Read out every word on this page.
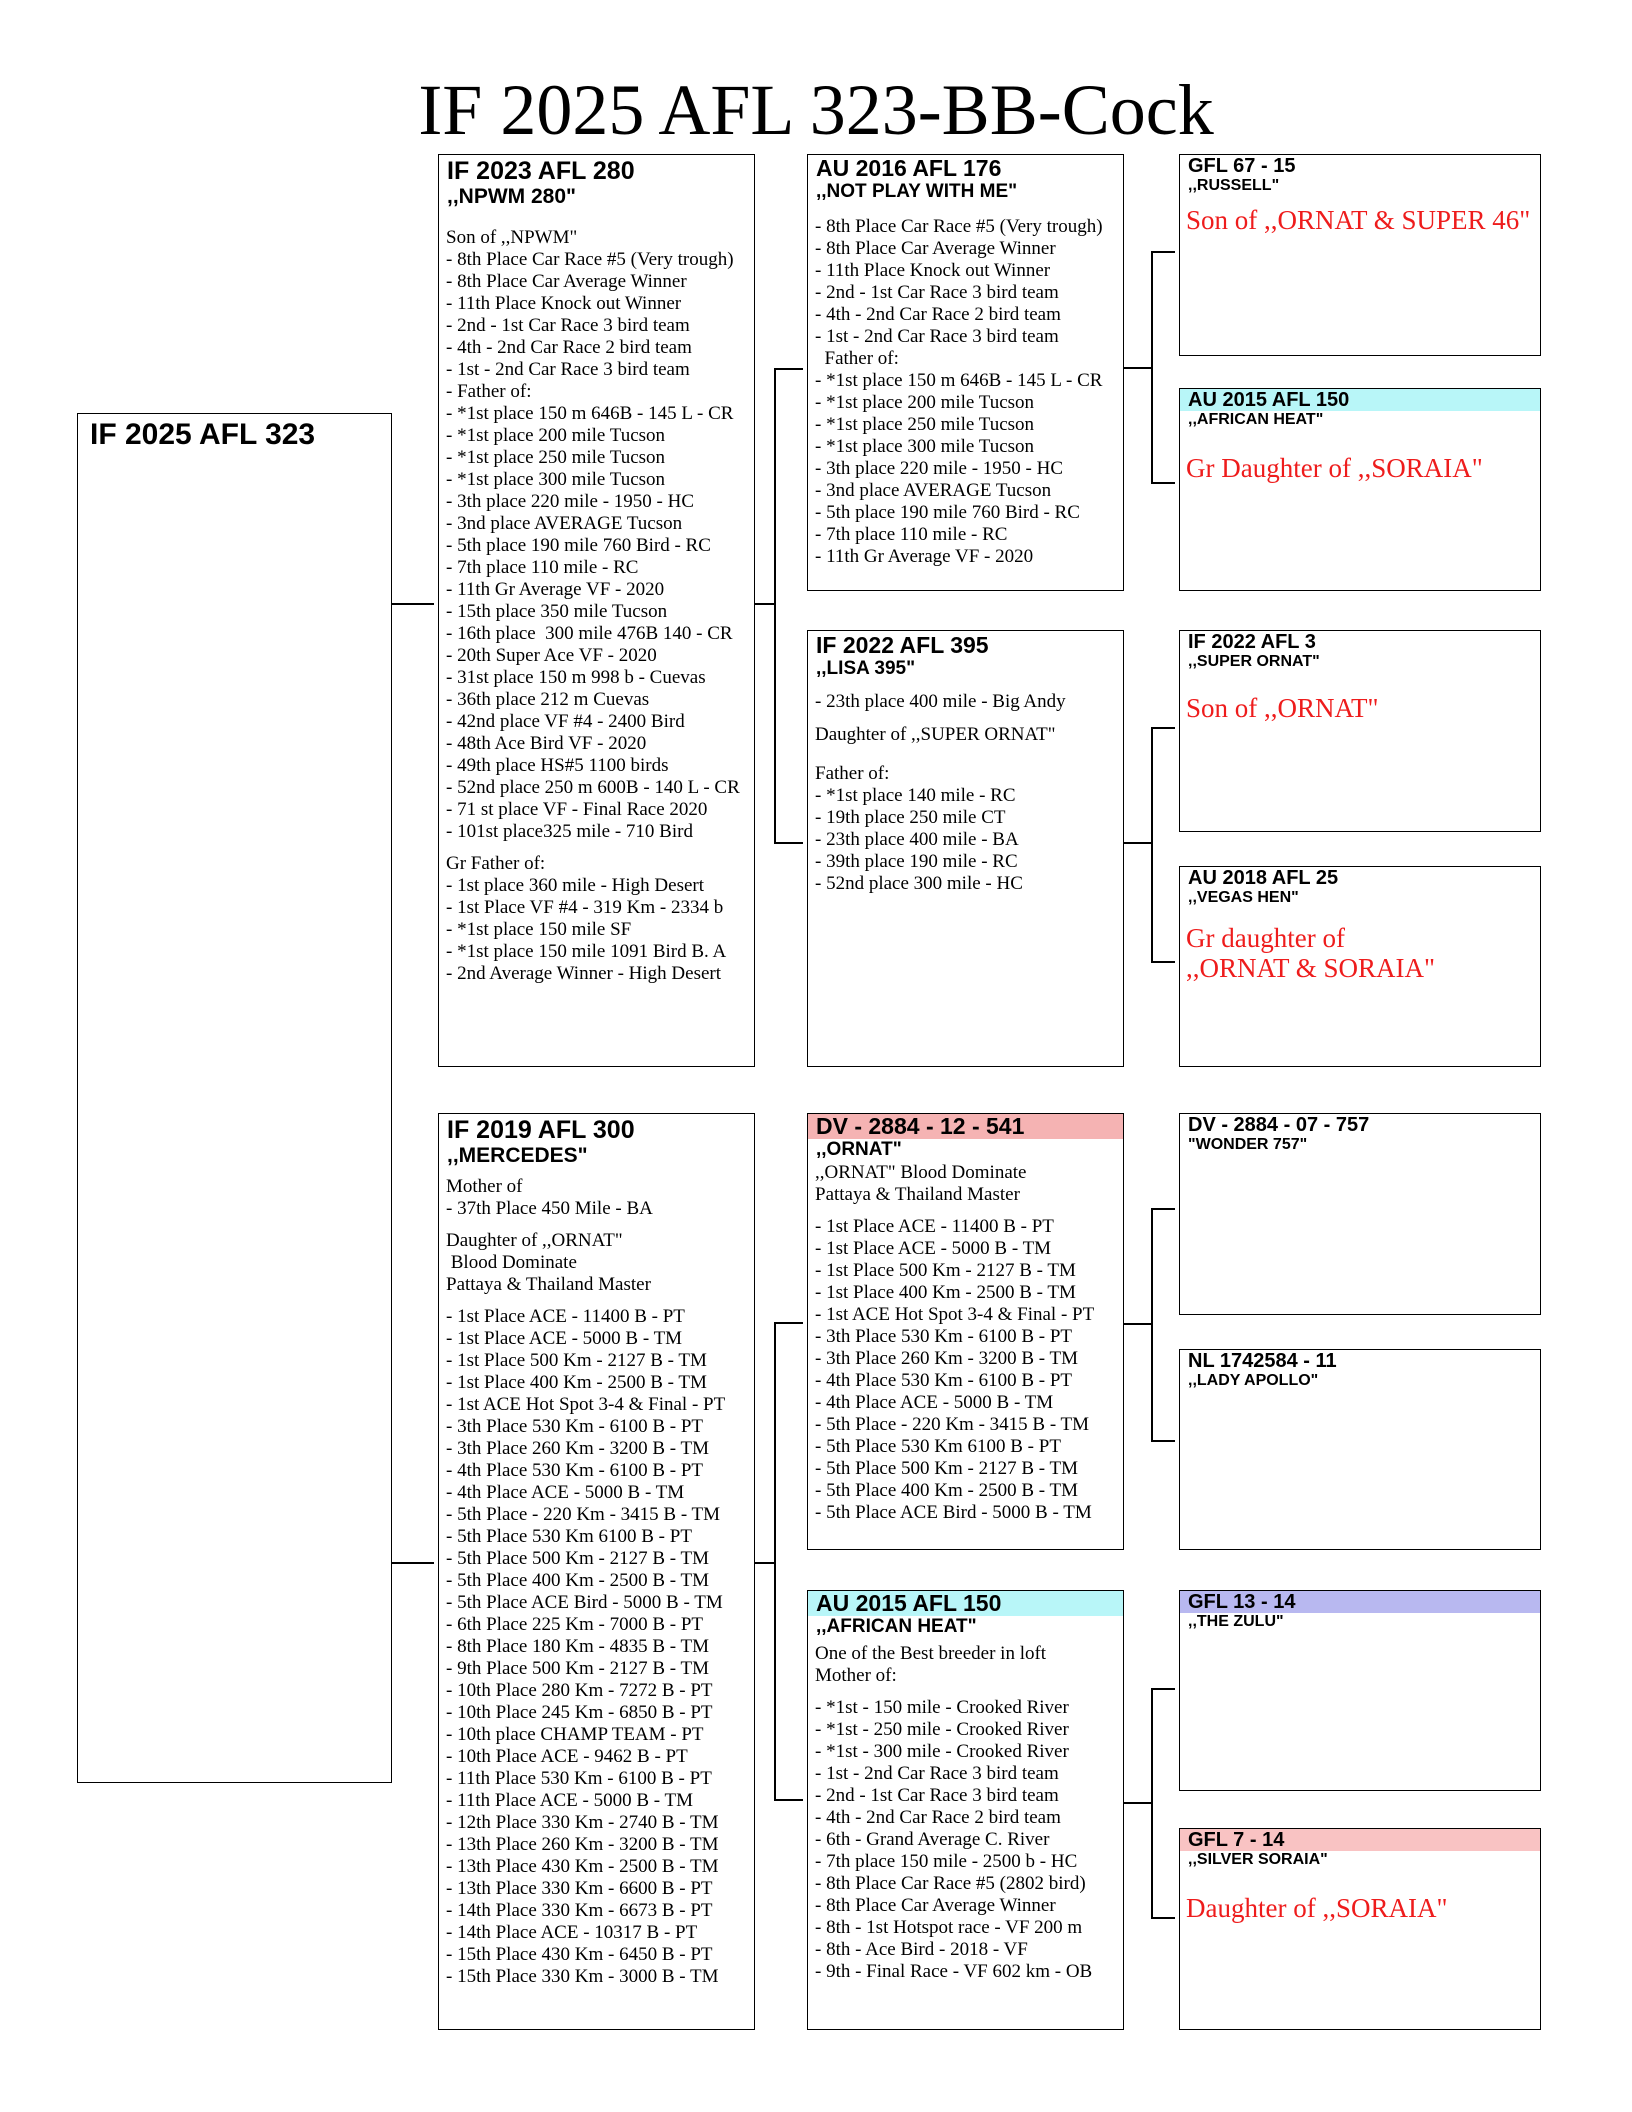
IF 2025 AFL 323-BB-Cock
IF 2025 AFL 323
IF 2023 AFL 280
,,NPWM 280"

Son of ,,NPWM"

- 8th Place Car Race #5 (Very trough)

- 8th Place Car Average Winner

- 11th Place Knock out Winner

- 2nd - 1st Car Race 3 bird team

- 4th - 2nd Car Race 2 bird team

- 1st - 2nd Car Race 3 bird team

- Father of:

- *1st place 150 m 646B - 145 L - CR

- *1st place 200 mile Tucson

- *1st place 250 mile Tucson

- *1st place 300 mile Tucson

- 3th place 220 mile - 1950 - HC

- 3nd place AVERAGE Tucson

- 5th place 190 mile 760 Bird - RC

- 7th place 110 mile - RC

- 11th Gr Average VF - 2020

- 15th place 350 mile Tucson

- 16th place  300 mile 476B 140 - CR

- 20th Super Ace VF - 2020

- 31st place 150 m 998 b - Cuevas

- 36th place 212 m Cuevas

- 42nd place VF #4 - 2400 Bird

- 48th Ace Bird VF - 2020

- 49th place HS#5 1100 birds

- 52nd place 250 m 600B - 140 L - CR

- 71 st place VF - Final Race 2020

- 101st place325 mile - 710 Bird

Gr Father of:

- 1st place 360 mile - High Desert

- 1st Place VF #4 - 319 Km - 2334 b

- *1st place 150 mile SF

- *1st place 150 mile 1091 Bird B. A

- 2nd Average Winner - High Desert

IF 2019 AFL 300
,,MERCEDES"

Mother of

- 37th Place 450 Mile - BA

Daughter of ,,ORNAT"

Blood Dominate

Pattaya & Thailand Master

- 1st Place ACE - 11400 B - PT

- 1st Place ACE - 5000 B - TM

- 1st Place 500 Km - 2127 B - TM

- 1st Place 400 Km - 2500 B - TM

- 1st ACE Hot Spot 3-4 & Final - PT

- 3th Place 530 Km - 6100 B - PT

- 3th Place 260 Km - 3200 B - TM

- 4th Place 530 Km - 6100 B - PT

- 4th Place ACE - 5000 B - TM

- 5th Place - 220 Km - 3415 B - TM

- 5th Place 530 Km 6100 B - PT

- 5th Place 500 Km - 2127 B - TM

- 5th Place 400 Km - 2500 B - TM

- 5th Place ACE Bird - 5000 B - TM

- 6th Place 225 Km - 7000 B - PT

- 8th Place 180 Km - 4835 B - TM

- 9th Place 500 Km - 2127 B - TM

- 10th Place 280 Km - 7272 B - PT

- 10th Place 245 Km - 6850 B - PT

- 10th place CHAMP TEAM - PT

- 10th Place ACE - 9462 B - PT

- 11th Place 530 Km - 6100 B - PT

- 11th Place ACE - 5000 B - TM

- 12th Place 330 Km - 2740 B - TM

- 13th Place 260 Km - 3200 B - TM

- 13th Place 430 Km - 2500 B - TM

- 13th Place 330 Km - 6600 B - PT

- 14th Place 330 Km - 6673 B - PT

- 14th Place ACE - 10317 B - PT

- 15th Place 430 Km - 6450 B - PT

- 15th Place 330 Km - 3000 B - TM

AU 2016 AFL 176
,,NOT PLAY WITH ME"

- 8th Place Car Race #5 (Very trough)

- 8th Place Car Average Winner

- 11th Place Knock out Winner

- 2nd - 1st Car Race 3 bird team

- 4th - 2nd Car Race 2 bird team

- 1st - 2nd Car Race 3 bird team

Father of:

- *1st place 150 m 646B - 145 L - CR

- *1st place 200 mile Tucson

- *1st place 250 mile Tucson

- *1st place 300 mile Tucson

- 3th place 220 mile - 1950 - HC

- 3nd place AVERAGE Tucson

- 5th place 190 mile 760 Bird - RC

- 7th place 110 mile - RC

- 11th Gr Average VF - 2020

IF 2022 AFL 395
,,LISA 395"

- 23th place 400 mile - Big Andy

Daughter of ,,SUPER ORNAT"

Father of:

- *1st place 140 mile - RC

- 19th place 250 mile CT

- 23th place 400 mile - BA

- 39th place 190 mile - RC

- 52nd place 300 mile - HC

DV - 2884 - 12 - 541
,,ORNAT"

,,ORNAT" Blood Dominate

Pattaya & Thailand Master

- 1st Place ACE - 11400 B - PT

- 1st Place ACE - 5000 B - TM

- 1st Place 500 Km - 2127 B - TM

- 1st Place 400 Km - 2500 B - TM

- 1st ACE Hot Spot 3-4 & Final - PT

- 3th Place 530 Km - 6100 B - PT

- 3th Place 260 Km - 3200 B - TM

- 4th Place 530 Km - 6100 B - PT

- 4th Place ACE - 5000 B - TM

- 5th Place - 220 Km - 3415 B - TM

- 5th Place 530 Km 6100 B - PT

- 5th Place 500 Km - 2127 B - TM

- 5th Place 400 Km - 2500 B - TM

- 5th Place ACE Bird - 5000 B - TM

AU 2015 AFL 150
,,AFRICAN HEAT"

One of the Best breeder in loft

Mother of:

- *1st - 150 mile - Crooked River

- *1st - 250 mile - Crooked River

- *1st - 300 mile - Crooked River

- 1st - 2nd Car Race 3 bird team

- 2nd - 1st Car Race 3 bird team

- 4th - 2nd Car Race 2 bird team

- 6th - Grand Average C. River

- 7th place 150 mile - 2500 b - HC

- 8th Place Car Race #5 (2802 bird)

- 8th Place Car Average Winner

- 8th - 1st Hotspot race - VF 200 m

- 8th - Ace Bird - 2018 - VF

- 9th - Final Race - VF 602 km - OB

GFL 67 - 15
,,RUSSELL"
Son of ,,ORNAT & SUPER 46"
AU 2015 AFL 150
,,AFRICAN HEAT"
Gr Daughter of ,,SORAIA"
IF 2022 AFL 3
,,SUPER ORNAT"
Son of ,,ORNAT"
AU 2018 AFL 25
,,VEGAS HEN"
Gr daughter of
,,ORNAT & SORAIA"
DV - 2884 - 07 - 757
"WONDER 757"
NL 1742584 - 11
,,LADY APOLLO"
GFL 13 - 14
,,THE ZULU"
GFL 7 - 14
,,SILVER SORAIA"
Daughter of ,,SORAIA"
